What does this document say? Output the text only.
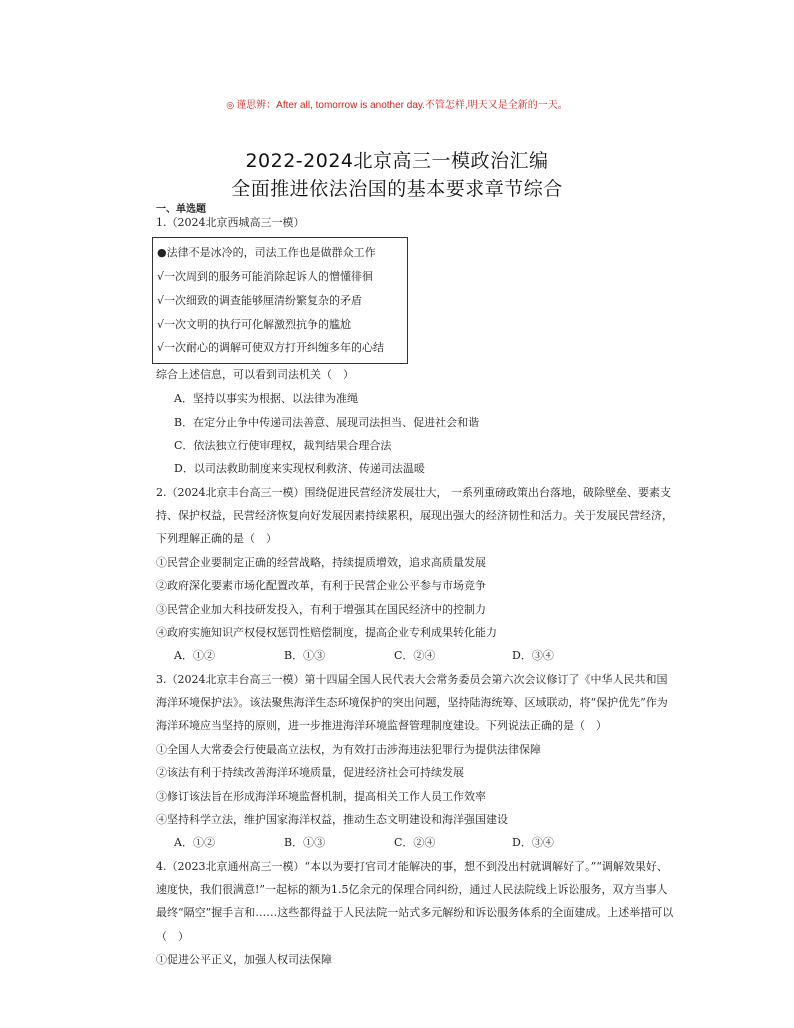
◎ 谨思辨：After all, tomorrow is another day.不管怎样,明天又是全新的一天。
2022-2024北京高三一模政治汇编
全面推进依法治国的基本要求章节综合
一、单选题
1.（2024北京西城高三一模）
●法律不是冰冷的，司法工作也是做群众工作
√一次周到的服务可能消除起诉人的憎懂徘徊
√一次细致的调查能够厘清纷繁复杂的矛盾
√一次文明的执行可化解激烈抗争的尴尬
√一次耐心的调解可使双方打开纠缠多年的心结
综合上述信息，可以看到司法机关（　）
A．坚持以事实为根据、以法律为准绳
B．在定分止争中传递司法善意、展现司法担当、促进社会和谐
C．依法独立行使审理权，裁判结果合理合法
D．以司法救助制度来实现权利救济、传递司法温暖
2.（2024北京丰台高三一模）围绕促进民营经济发展壮大， 一系列重磅政策出台落地，破除壁垒、要素支
持、保护权益，民营经济恢复向好发展因素持续累积，展现出强大的经济韧性和活力。关于发展民营经济，
下列理解正确的是（　）
①民营企业要制定正确的经营战略，持续提质增效，追求高质量发展
②政府深化要素市场化配置改革，有利于民营企业公平参与市场竞争
③民营企业加大科技研发投入，有利于增强其在国民经济中的控制力
④政府实施知识产权侵权惩罚性赔偿制度，提高企业专利成果转化能力
A．①②	B．①③	C．②④	D．③④
3.（2024北京丰台高三一模）第十四届全国人民代表大会常务委员会第六次会议修订了《中华人民共和国
海洋环境保护法》。该法聚焦海洋生态环境保护的突出问题，坚持陆海统筹、区域联动，将“保护优先”作为
海洋环境应当坚持的原则，进一步推进海洋环境监督管理制度建设。下列说法正确的是（　）
①全国人大常委会行使最高立法权，为有效打击涉海违法犯罪行为提供法律保障
②该法有利于持续改善海洋环境质量，促进经济社会可持续发展
③修订该法旨在形成海洋环境监督机制，提高相关工作人员工作效率
④坚持科学立法，维护国家海洋权益，推动生态文明建设和海洋强国建设
A．①②	B．①③	C．②④	D．③④
4.（2023北京通州高三一模）“本以为要打官司才能解决的事，想不到没出村就调解好了。”“调解效果好、
速度快，我们很满意!”一起标的额为1.5亿余元的保理合同纠纷，通过人民法院线上诉讼服务，双方当事人
最终“隔空”握手言和……这些都得益于人民法院一站式多元解纷和诉讼服务体系的全面建成。上述举措可以
（　）
①促进公平正义，加强人权司法保障
